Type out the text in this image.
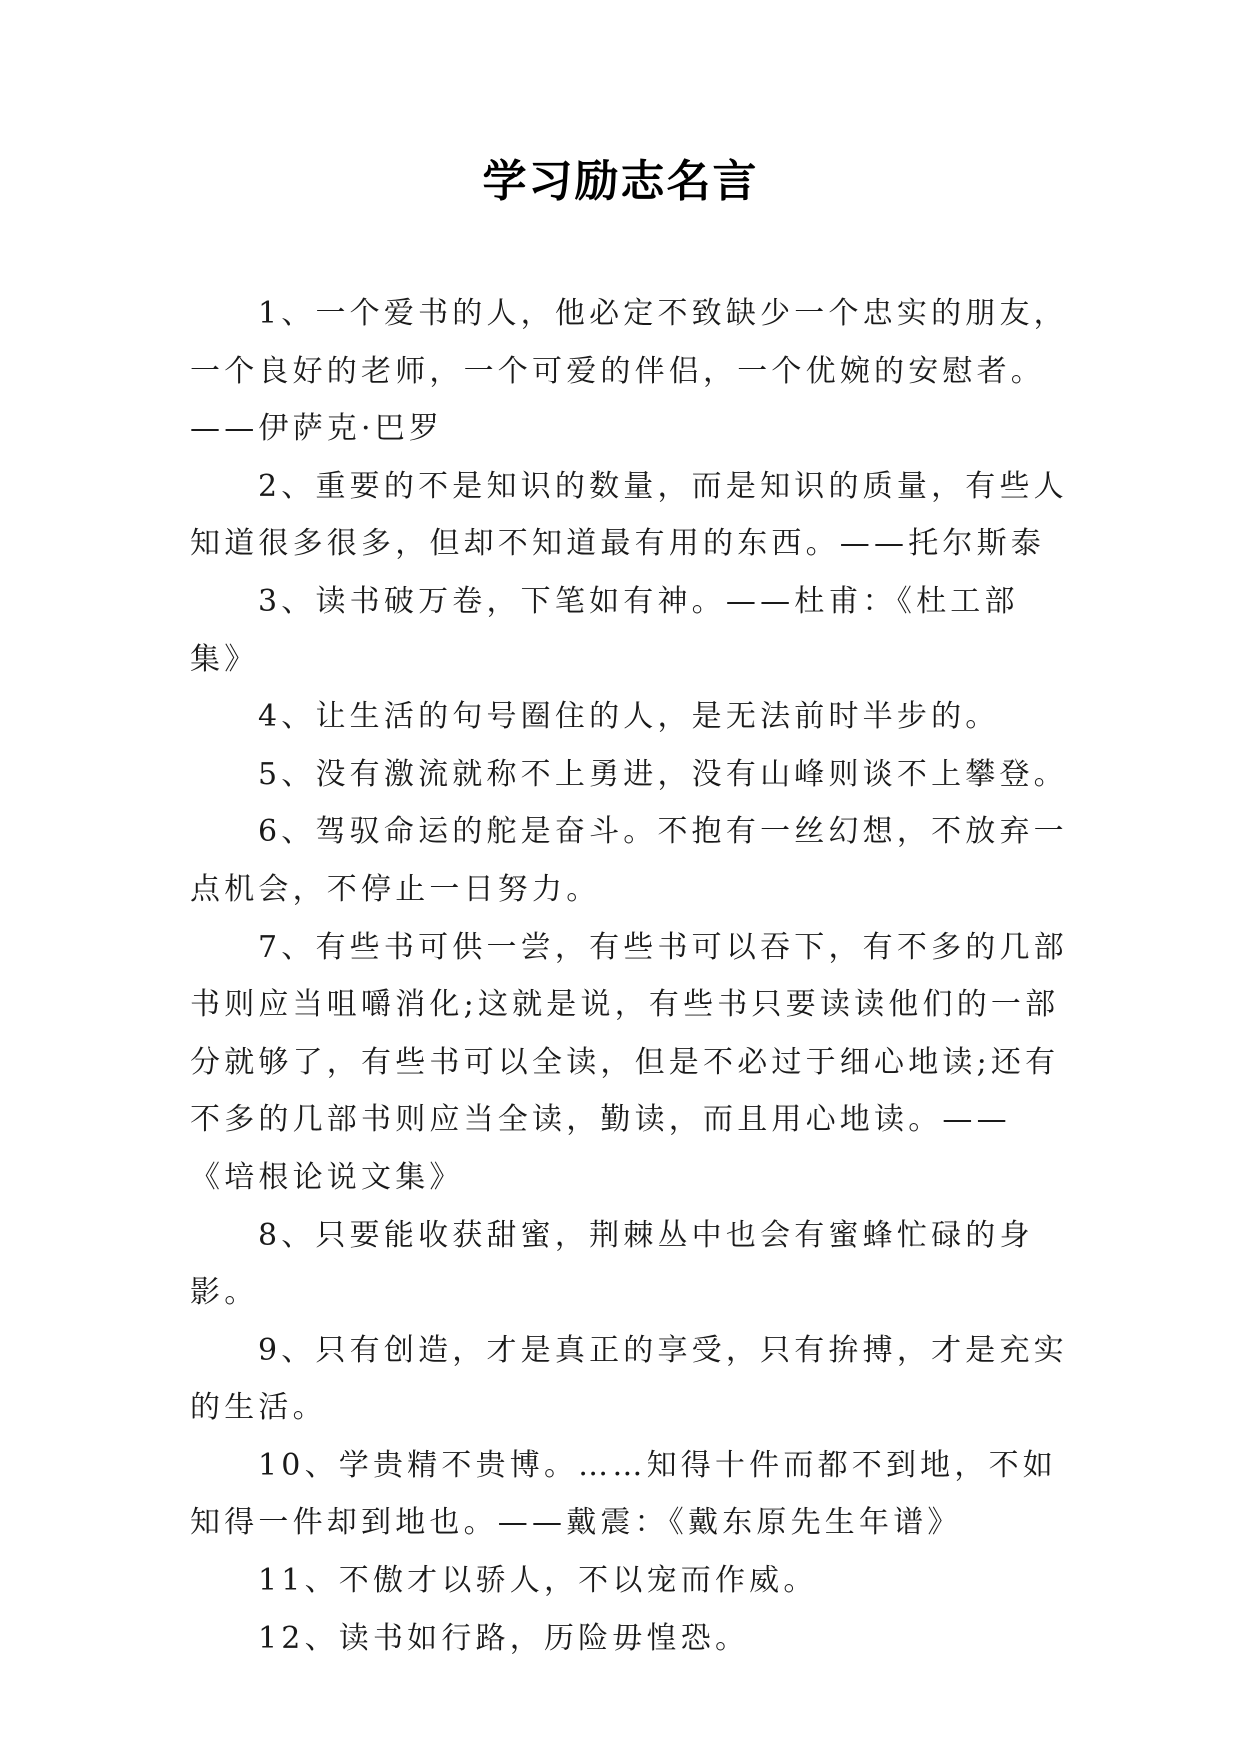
学习励志名言

1、一个爱书的人，他必定不致缺少一个忠实的朋友，一个良好的老师，一个可爱的伴侣，一个优婉的安慰者。——伊萨克·巴罗

2、重要的不是知识的数量，而是知识的质量，有些人知道很多很多，但却不知道最有用的东西。——托尔斯泰

3、读书破万卷，下笔如有神。——杜甫：《杜工部集》

4、让生活的句号圈住的人，是无法前时半步的。

5、没有激流就称不上勇进，没有山峰则谈不上攀登。

6、驾驭命运的舵是奋斗。不抱有一丝幻想，不放弃一点机会，不停止一日努力。

7、有些书可供一尝，有些书可以吞下，有不多的几部书则应当咀嚼消化;这就是说，有些书只要读读他们的一部分就够了，有些书可以全读，但是不必过于细心地读;还有不多的几部书则应当全读，勤读，而且用心地读。——《培根论说文集》

8、只要能收获甜蜜，荆棘丛中也会有蜜蜂忙碌的身影。

9、只有创造，才是真正的享受，只有拚搏，才是充实的生活。

10、学贵精不贵博。……知得十件而都不到地，不如知得一件却到地也。——戴震：《戴东原先生年谱》

11、不傲才以骄人，不以宠而作威。

12、读书如行路，历险毋惶恐。
